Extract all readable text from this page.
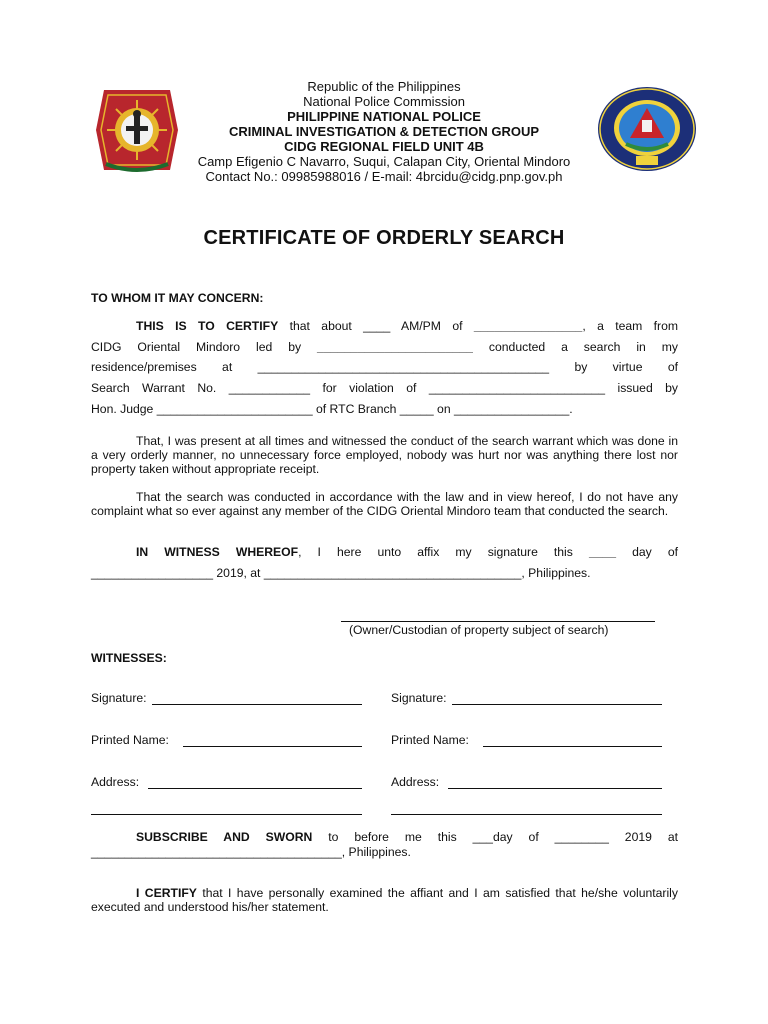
Republic of the Philippines
National Police Commission
PHILIPPINE NATIONAL POLICE
CRIMINAL INVESTIGATION & DETECTION GROUP
CIDG REGIONAL FIELD UNIT 4B
Camp Efigenio C Navarro, Suqui, Calapan City, Oriental Mindoro
Contact No.: 09985988016 / E-mail: 4brcidu@cidg.pnp.gov.ph
CERTIFICATE OF ORDERLY SEARCH
TO WHOM IT MAY CONCERN:
THIS IS TO CERTIFY that about ____ AM/PM of ________________, a team from
CIDG Oriental Mindoro led by _______________________ conducted a search in my
residence/premises at ___________________________________________ by virtue of
Search Warrant No. ____________ for violation of __________________________ issued by
Hon. Judge _______________________ of RTC Branch _____ on _________________.
That, I was present at all times and witnessed the conduct of the search warrant which was done in a very orderly manner, no unnecessary force employed, nobody was hurt nor was anything there lost nor property taken without appropriate receipt.
That the search was conducted in accordance with the law and in view hereof, I do not have any complaint what so ever against any member of the CIDG Oriental Mindoro team that conducted the search.
IN WITNESS WHEREOF, I here unto affix my signature this ____ day of
__________________ 2019, at ______________________________________, Philippines.
(Owner/Custodian of property subject of search)
WITNESSES:
Signature:
Printed Name:
Address:
Signature:
Printed Name:
Address:
SUBSCRIBE AND SWORN to before me this ___day of ________ 2019 at
_____________________________________, Philippines.
I CERTIFY that I have personally examined the affiant and I am satisfied that he/she voluntarily executed and understood his/her statement.
